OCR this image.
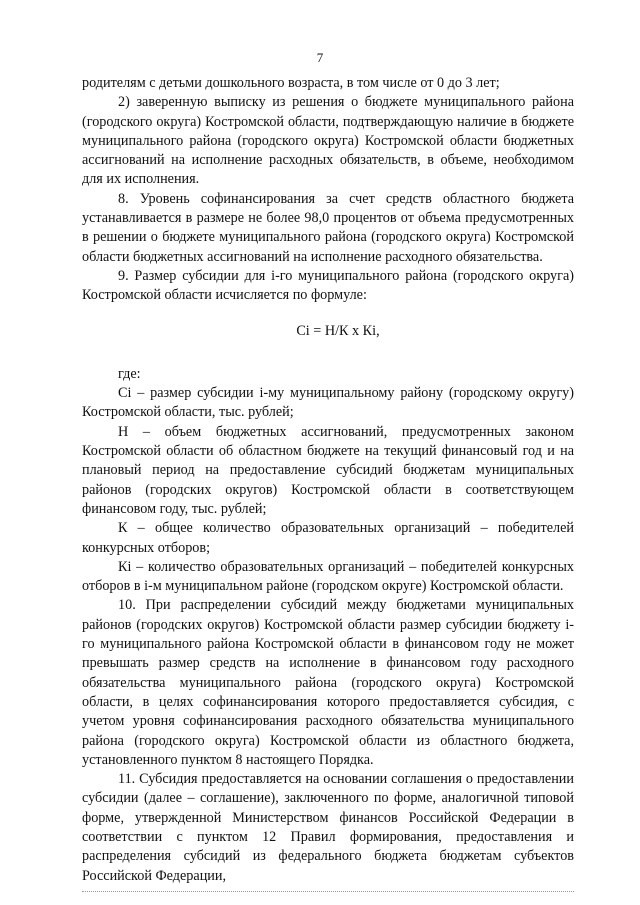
7

родителям с детьми дошкольного возраста, в том числе от 0 до 3 лет;

2) заверенную выписку из решения о бюджете муниципального района (городского округа) Костромской области, подтверждающую наличие в бюджете муниципального района (городского округа) Костромской области бюджетных ассигнований на исполнение расходных обязательств, в объеме, необходимом для их исполнения.

8. Уровень софинансирования за счет средств областного бюджета устанавливается в размере не более 98,0 процентов от объема предусмотренных в решении о бюджете муниципального района (городского округа) Костромской области бюджетных ассигнований на исполнение расходного обязательства.

9. Размер субсидии для i-го муниципального района (городского округа) Костромской области исчисляется по формуле:

Ci = Н/К х Кi,

где:

Ci – размер субсидии i-му муниципальному району (городскому округу) Костромской области, тыс. рублей;

Н – объем бюджетных ассигнований, предусмотренных законом Костромской области об областном бюджете на текущий финансовый год и на плановый период на предоставление субсидий бюджетам муниципальных районов (городских округов) Костромской области в соответствующем финансовом году, тыс. рублей;

К – общее количество образовательных организаций – победителей конкурсных отборов;

Кi – количество образовательных организаций – победителей конкурсных отборов в i-м муниципальном районе (городском округе) Костромской области.

10. При распределении субсидий между бюджетами муниципальных районов (городских округов) Костромской области размер субсидии бюджету i-го муниципального района Костромской области в финансовом году не может превышать размер средств на исполнение в финансовом году расходного обязательства муниципального района (городского округа) Костромской области, в целях софинансирования которого предоставляется субсидия, с учетом уровня софинансирования расходного обязательства муниципального района (городского округа) Костромской области из областного бюджета, установленного пунктом 8 настоящего Порядка.

11. Субсидия предоставляется на основании соглашения о предоставлении субсидии (далее – соглашение), заключенного по форме, аналогичной типовой форме, утвержденной Министерством финансов Российской Федерации в соответствии с пунктом 12 Правил формирования, предоставления и распределения субсидий из федерального бюджета бюджетам субъектов Российской Федерации,
